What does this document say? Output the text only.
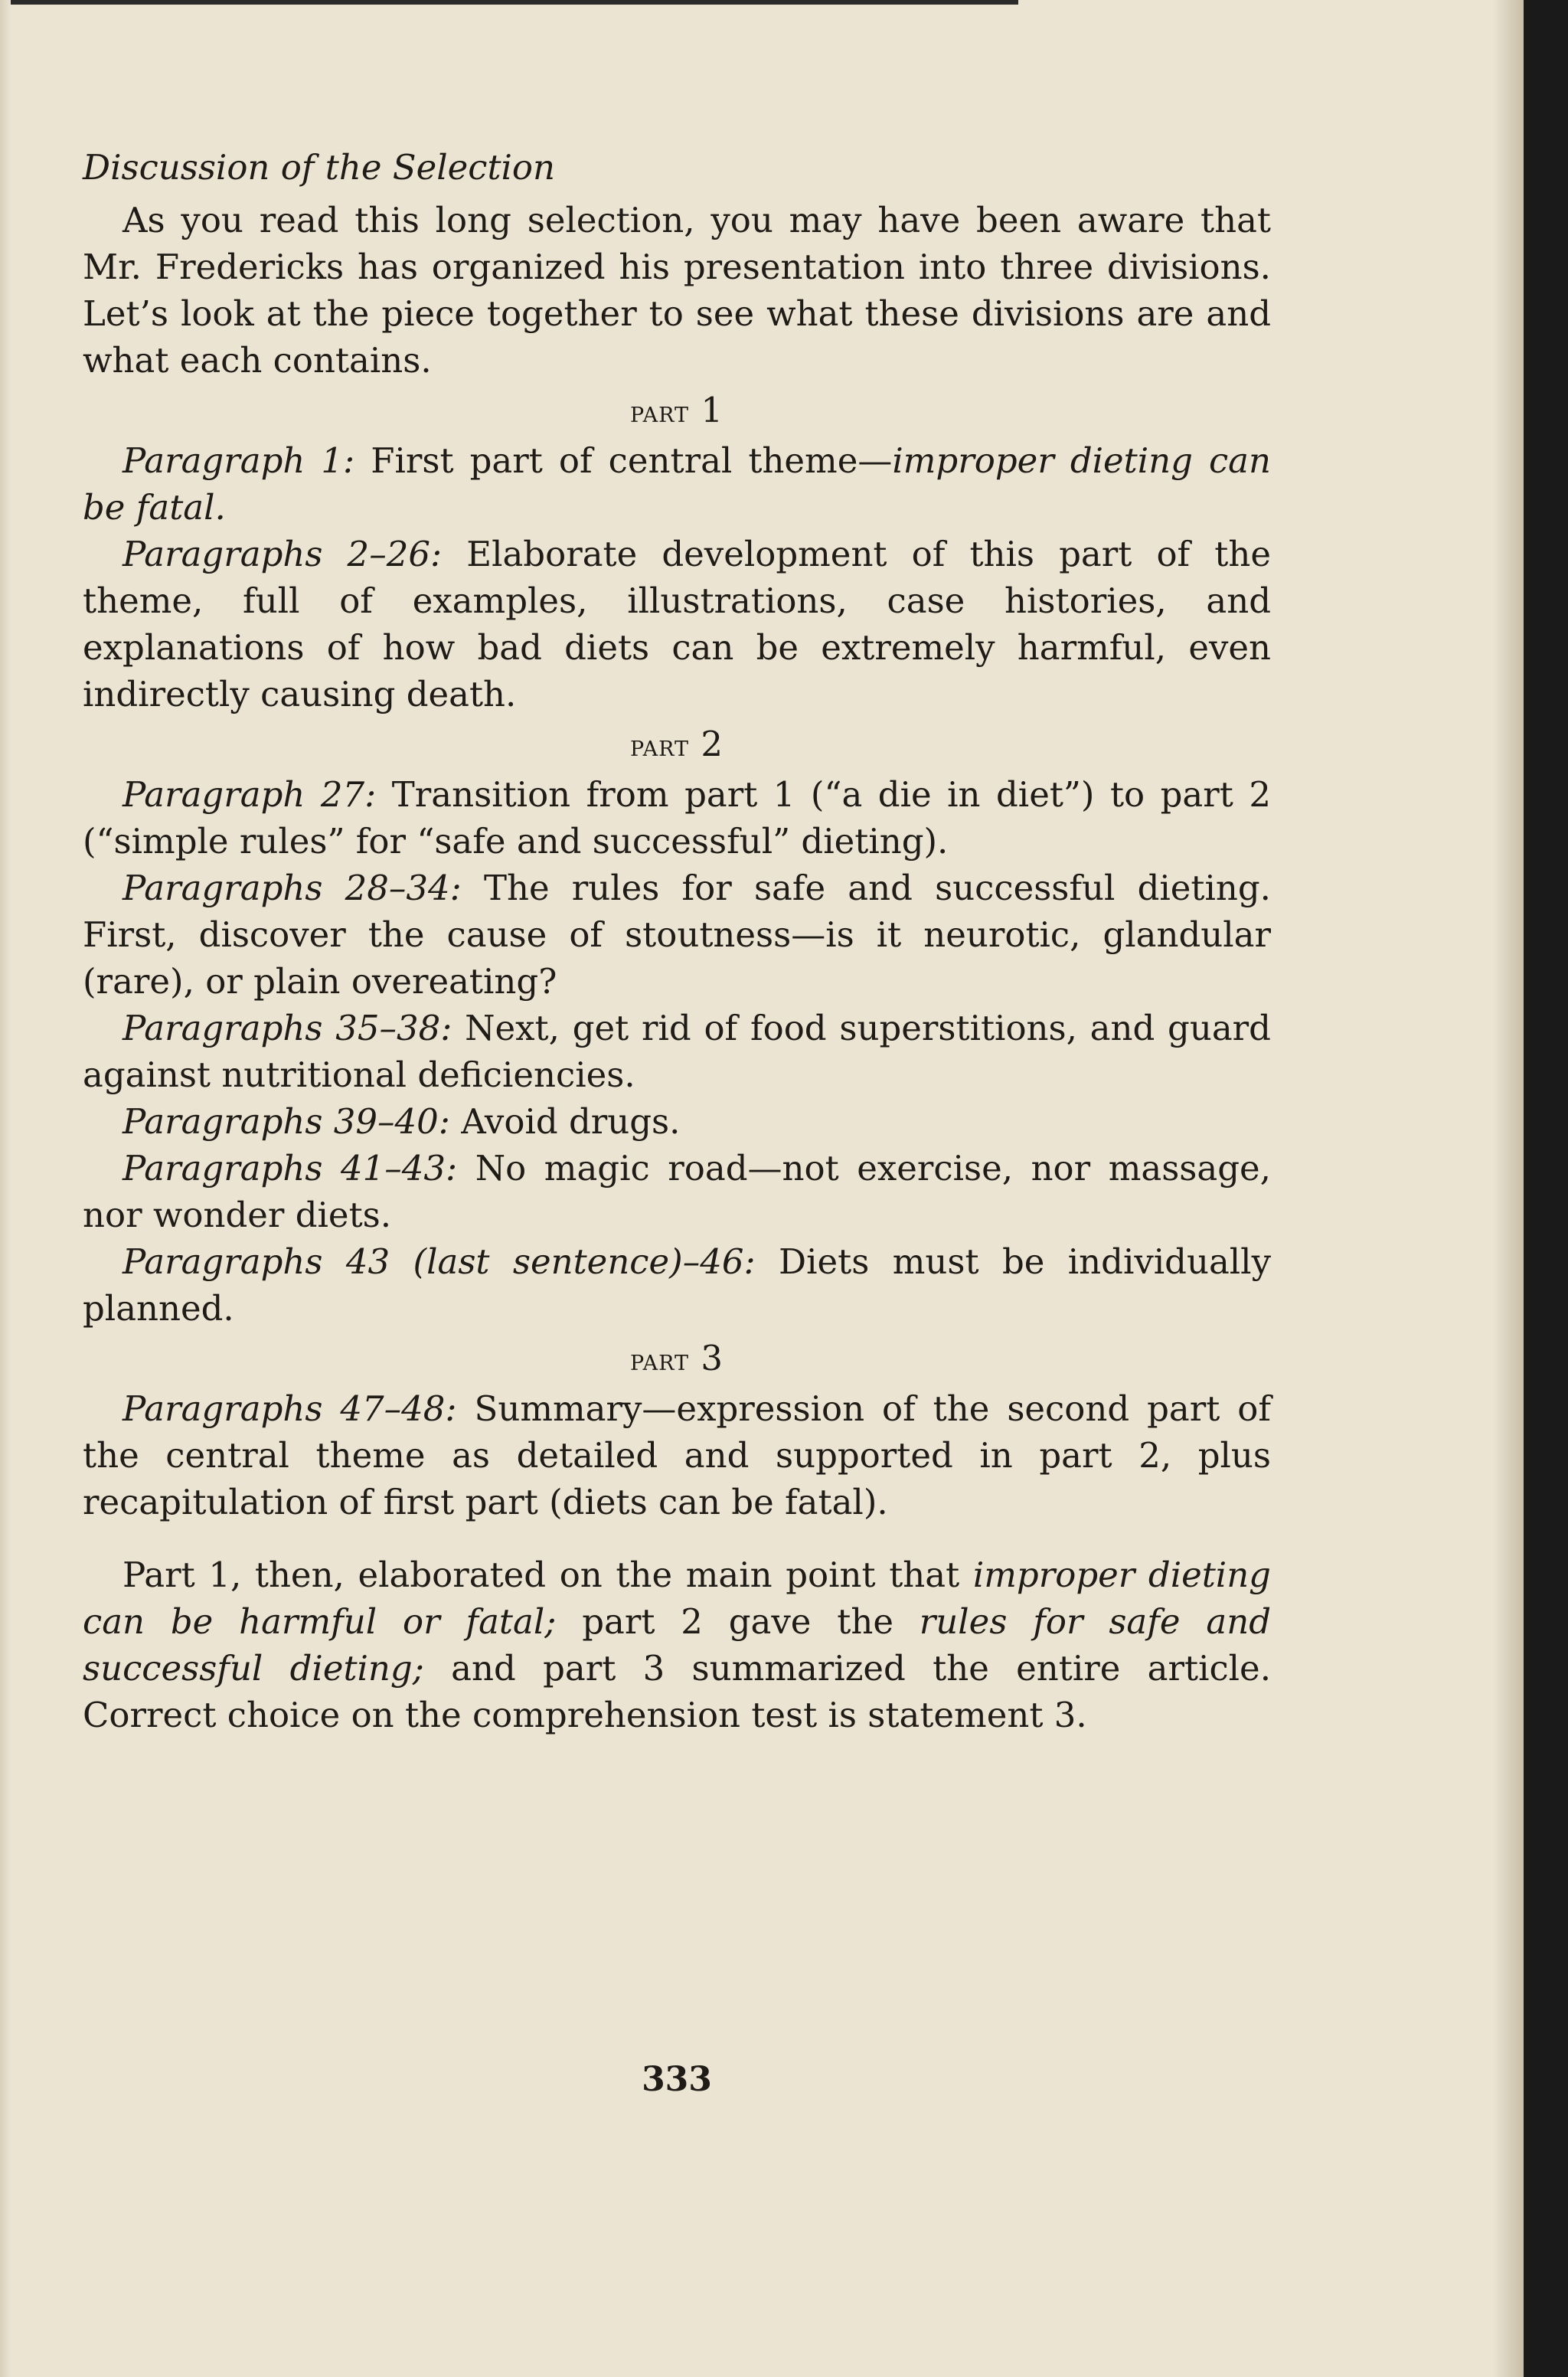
Discussion of the Selection

As you read this long selection, you may have been aware that Mr. Fredericks has organized his presentation into three divisions. Let’s look at the piece together to see what these divisions are and what each contains.

part 1
Paragraph 1: First part of central theme—improper dieting can be fatal.
Paragraphs 2–26: Elaborate development of this part of the theme, full of examples, illustrations, case histories, and explanations of how bad diets can be extremely harmful, even indirectly causing death.
part 2
Paragraph 27: Transition from part 1 (“a die in diet”) to part 2 (“simple rules” for “safe and successful” dieting).
Paragraphs 28–34: The rules for safe and successful dieting. First, discover the cause of stoutness—is it neurotic, glandular (rare), or plain overeating?
Paragraphs 35–38: Next, get rid of food superstitions, and guard against nutritional deficiencies.
Paragraphs 39–40: Avoid drugs.
Paragraphs 41–43: No magic road—not exercise, nor massage, nor wonder diets.
Paragraphs 43 (last sentence)–46: Diets must be individually planned.
part 3
Paragraphs 47–48: Summary—expression of the second part of the central theme as detailed and supported in part 2, plus recapitulation of first part (diets can be fatal).

Part 1, then, elaborated on the main point that improper dieting can be harmful or fatal; part 2 gave the rules for safe and successful dieting; and part 3 summarized the entire article. Correct choice on the comprehension test is statement 3.

333
